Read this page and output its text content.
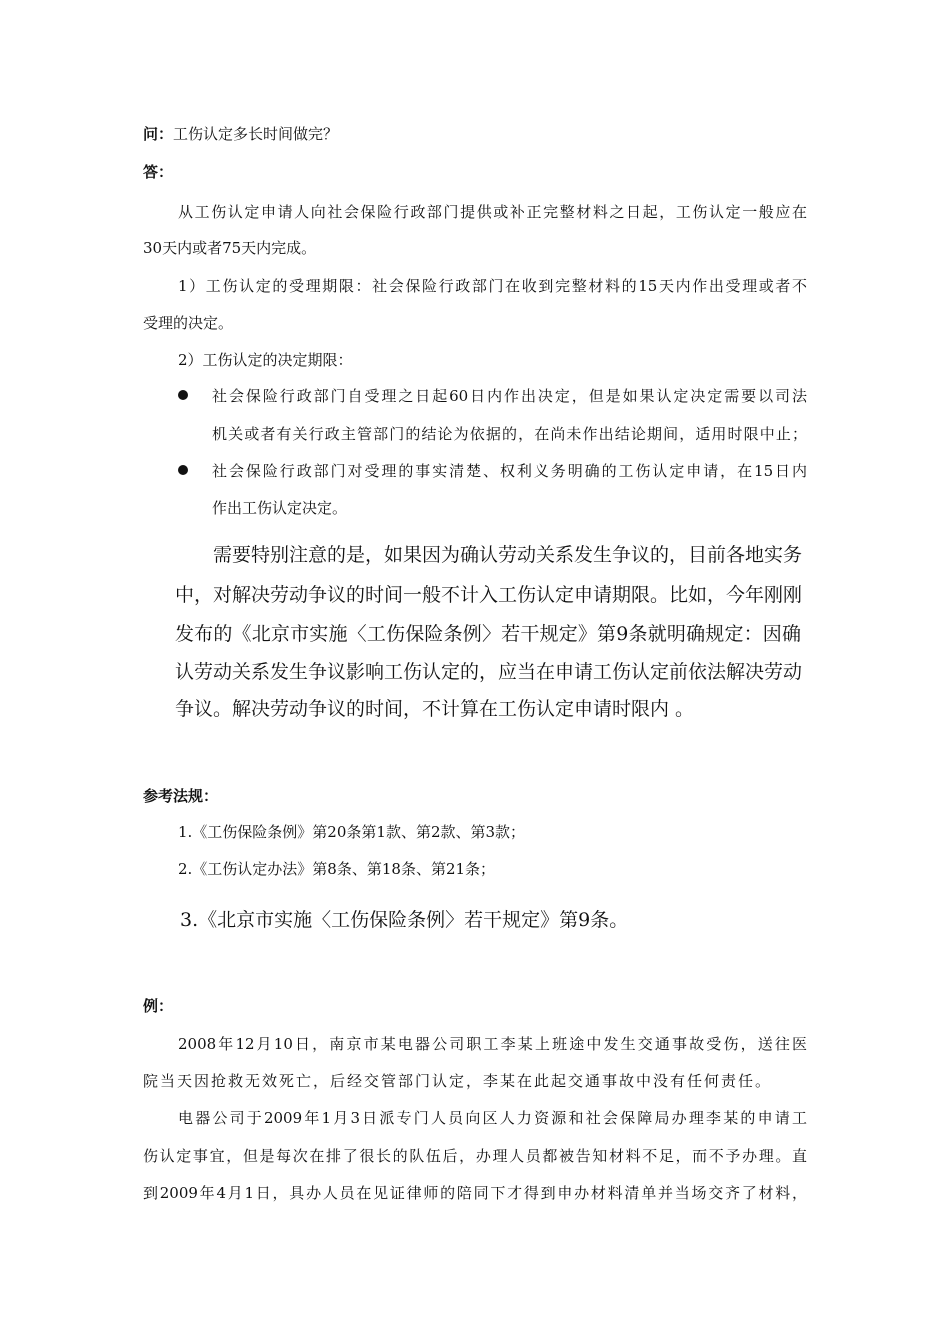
问：工伤认定多长时间做完？
答：
从工伤认定申请人向社会保险行政部门提供或补正完整材料之日起，工伤认定一般应在
30天内或者75天内完成。
1）工伤认定的受理期限：社会保险行政部门在收到完整材料的15天内作出受理或者不
受理的决定。
2）工伤认定的决定期限：
社会保险行政部门自受理之日起60日内作出决定，但是如果认定决定需要以司法
机关或者有关行政主管部门的结论为依据的，在尚未作出结论期间，适用时限中止；
社会保险行政部门对受理的事实清楚、权利义务明确的工伤认定申请，在15日内
作出工伤认定决定。
需要特别注意的是，如果因为确认劳动关系发生争议的，目前各地实务
中，对解决劳动争议的时间一般不计入工伤认定申请期限。比如，今年刚刚
发布的《北京市实施〈工伤保险条例〉若干规定》第9条就明确规定：因确
认劳动关系发生争议影响工伤认定的，应当在申请工伤认定前依法解决劳动
争议。解决劳动争议的时间，不计算在工伤认定申请时限内 。
参考法规：
1.《工伤保险条例》第20条第1款、第2款、第3款；
2.《工伤认定办法》第8条、第18条、第21条；
3.《北京市实施〈工伤保险条例〉若干规定》第9条。
例：
2008年12月10日，南京市某电器公司职工李某上班途中发生交通事故受伤，送往医
院当天因抢救无效死亡，后经交管部门认定，李某在此起交通事故中没有任何责任。
电器公司于2009年1月3日派专门人员向区人力资源和社会保障局办理李某的申请工
伤认定事宜，但是每次在排了很长的队伍后，办理人员都被告知材料不足，而不予办理。直
到2009年4月1日，具办人员在见证律师的陪同下才得到申办材料清单并当场交齐了材料，
